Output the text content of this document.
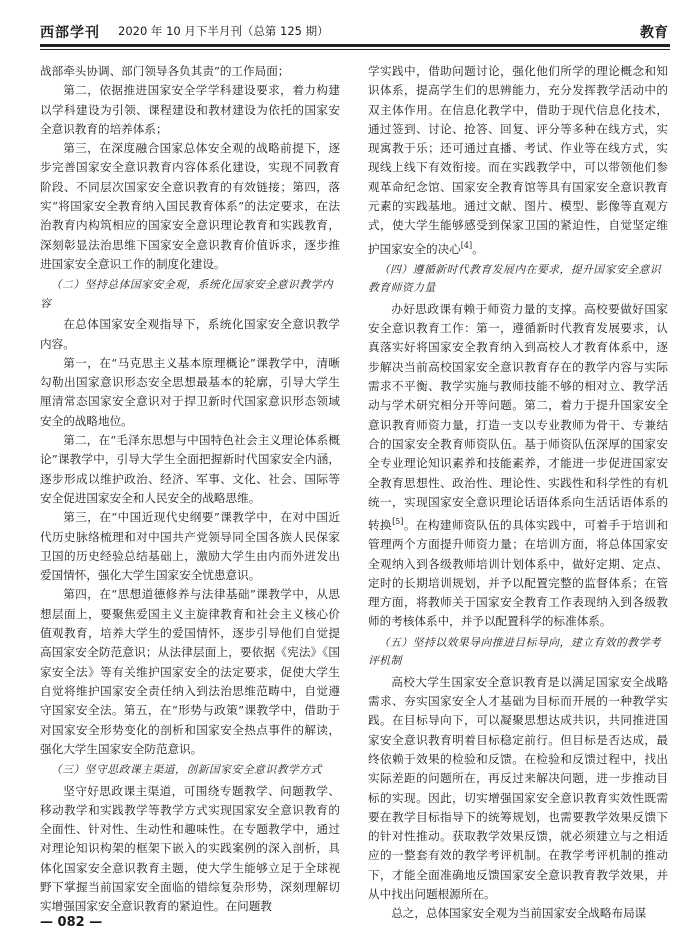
西部学刊 2020 年 10 月下半月刊（总第 125 期）	教育

战部牵头协调、部门领导各负其责”的工作局面；

第二，依据推进国家安全学学科建设要求，着力构建以学科建设为引领、课程建设和教材建设为依托的国家安全意识教育的培养体系；

第三，在深度融合国家总体安全观的战略前提下，逐步完善国家安全意识教育内容体系化建设，实现不同教育阶段、不同层次国家安全意识教育的有效链接；第四，落实“将国家安全教育纳入国民教育体系”的法定要求，在法治教育内构筑相应的国家安全意识理论教育和实践教育，深刻彰显法治思维下国家安全意识教育价值诉求，逐步推进国家安全意识工作的制度化建设。

（二）坚持总体国家安全观，系统化国家安全意识教学内容

在总体国家安全观指导下，系统化国家安全意识教学内容。

第一，在“马克思主义基本原理概论”课教学中，清晰勾勒出国家意识形态安全思想最基本的轮廓，引导大学生厘清常态国家安全意识对于捍卫新时代国家意识形态领域安全的战略地位。

第二，在“毛泽东思想与中国特色社会主义理论体系概论”课教学中，引导大学生全面把握新时代国家安全内涵，逐步形成以维护政治、经济、军事、文化、社会、国际等安全促进国家安全和人民安全的战略思维。

第三，在“中国近现代史纲要”课教学中，在对中国近代历史脉络梳理和对中国共产党领导同全国各族人民保家卫国的历史经验总结基础上，激励大学生由内而外迸发出爱国情怀，强化大学生国家安全忧患意识。

第四，在“思想道德修养与法律基础”课教学中，从思想层面上，要聚焦爱国主义主旋律教育和社会主义核心价值观教育，培养大学生的爱国情怀，逐步引导他们自觉提高国家安全防范意识；从法律层面上，要依据《宪法》《国家安全法》等有关维护国家安全的法定要求，促使大学生自觉将维护国家安全责任纳入到法治思维范畴中，自觉遵守国家安全法。第五，在“形势与政策”课教学中，借助于对国家安全形势变化的剖析和国家安全热点事件的解读，强化大学生国家安全防范意识。

（三）坚守思政课主渠道，创新国家安全意识教学方式

坚守好思政课主渠道，可围绕专题教学、问题教学、移动教学和实践教学等教学方式实现国家安全意识教育的全面性、针对性、生动性和趣味性。在专题教学中，通过对理论知识构架的框架下嵌入的实践案例的深入剖析，具体化国家安全意识教育主题，使大学生能够立足于全球视野下掌握当前国家安全面临的错综复杂形势，深刻理解切实增强国家安全意识教育的紧迫性。在问题教

学实践中，借助问题讨论，强化他们所学的理论概念和知识体系，提高学生们的思辨能力，充分发挥教学活动中的双主体作用。在信息化教学中，借助于现代信息化技术，通过签到、讨论、抢答、回复、评分等多种在线方式，实现寓教于乐；还可通过直播、考试、作业等在线方式，实现线上线下有效衔接。而在实践教学中，可以带领他们参观革命纪念馆、国家安全教育馆等具有国家安全意识教育元素的实践基地。通过文献、图片、模型、影像等直观方式，使大学生能够感受到保家卫国的紧迫性，自觉坚定维护国家安全的决心[4]。

（四）遵循新时代教育发展内在要求，提升国家安全意识教育师资力量

办好思政课有赖于师资力量的支撑。高校要做好国家安全意识教育工作：第一，遵循新时代教育发展要求，认真落实好将国家安全教育纳入到高校人才教育体系中，逐步解决当前高校国家安全意识教育存在的教学内容与实际需求不平衡、教学实施与教师技能不够的相对立、教学活动与学术研究相分开等问题。第二，着力于提升国家安全意识教育师资力量，打造一支以专业教师为骨干、专兼结合的国家安全教育师资队伍。基于师资队伍深厚的国家安全专业理论知识素养和技能素养，才能进一步促进国家安全教育思想性、政治性、理论性、实践性和科学性的有机统一，实现国家安全意识理论话语体系向生活话语体系的转换[5]。在构建师资队伍的具体实践中，可着手于培训和管理两个方面提升师资力量；在培训方面，将总体国家安全观纳入到各级教师培训计划体系中，做好定期、定点、定时的长期培训规划，并予以配置完整的监督体系；在管理方面，将教师关于国家安全教育工作表现纳入到各级教师的考核体系中，并予以配置科学的标准体系。

（五）坚持以效果导向推进目标导向，建立有效的教学考评机制

高校大学生国家安全意识教育是以满足国家安全战略需求、夯实国家安全人才基础为目标而开展的一种教学实践。在目标导向下，可以凝聚思想达成共识，共同推进国家安全意识教育明着目标稳定前行。但目标是否达成，最终依赖于效果的检验和反馈。在检验和反馈过程中，找出实际差距的问题所在，再反过来解决问题，进一步推动目标的实现。因此，切实增强国家安全意识教育实效性既需要在教学目标指导下的统筹规划，也需要教学效果反馈下的针对性推动。获取教学效果反馈，就必须建立与之相适应的一整套有效的教学考评机制。在教学考评机制的推动下，才能全面准确地反馈国家安全意识教育教学效果，并从中找出问题根源所在。

总之，总体国家安全观为当前国家安全战略布局谋

— 082 —
